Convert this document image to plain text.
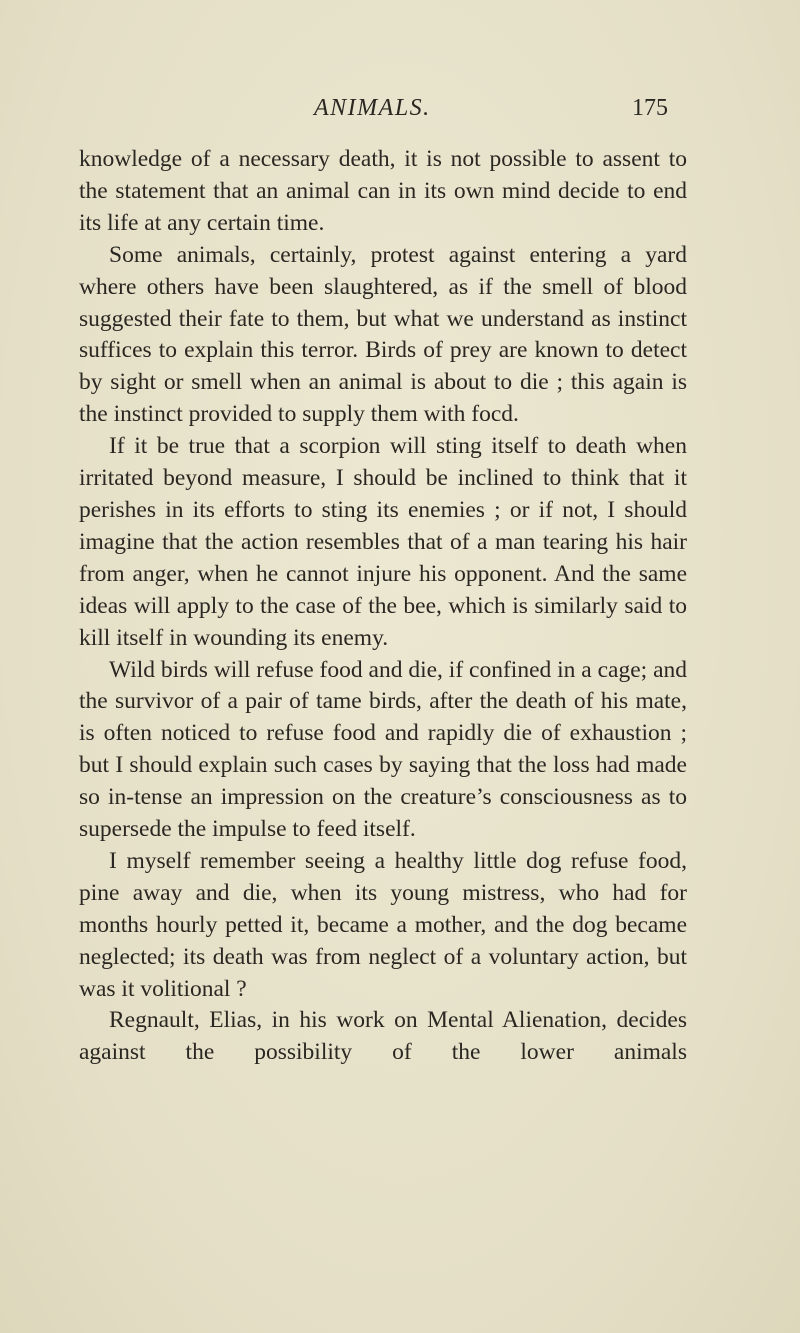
ANIMALS.	175

knowledge of a necessary death, it is not possible to assent to the statement that an animal can in its own mind decide to end its life at any certain time.

Some animals, certainly, protest against entering a yard where others have been slaughtered, as if the smell of blood suggested their fate to them, but what we understand as instinct suffices to explain this terror. Birds of prey are known to detect by sight or smell when an animal is about to die ; this again is the instinct provided to supply them with focd.

If it be true that a scorpion will sting itself to death when irritated beyond measure, I should be inclined to think that it perishes in its efforts to sting its enemies ; or if not, I should imagine that the action resembles that of a man tearing his hair from anger, when he cannot injure his opponent. And the same ideas will apply to the case of the bee, which is similarly said to kill itself in wounding its enemy.

Wild birds will refuse food and die, if confined in a cage; and the survivor of a pair of tame birds, after the death of his mate, is often noticed to refuse food and rapidly die of exhaustion ; but I should explain such cases by saying that the loss had made so in-tense an impression on the creature’s consciousness as to supersede the impulse to feed itself.

I myself remember seeing a healthy little dog refuse food, pine away and die, when its young mistress, who had for months hourly petted it, became a mother, and the dog became neglected; its death was from neglect of a voluntary action, but was it volitional ?

Regnault, Elias, in his work on Mental Alienation, decides against the possibility of the lower animals
